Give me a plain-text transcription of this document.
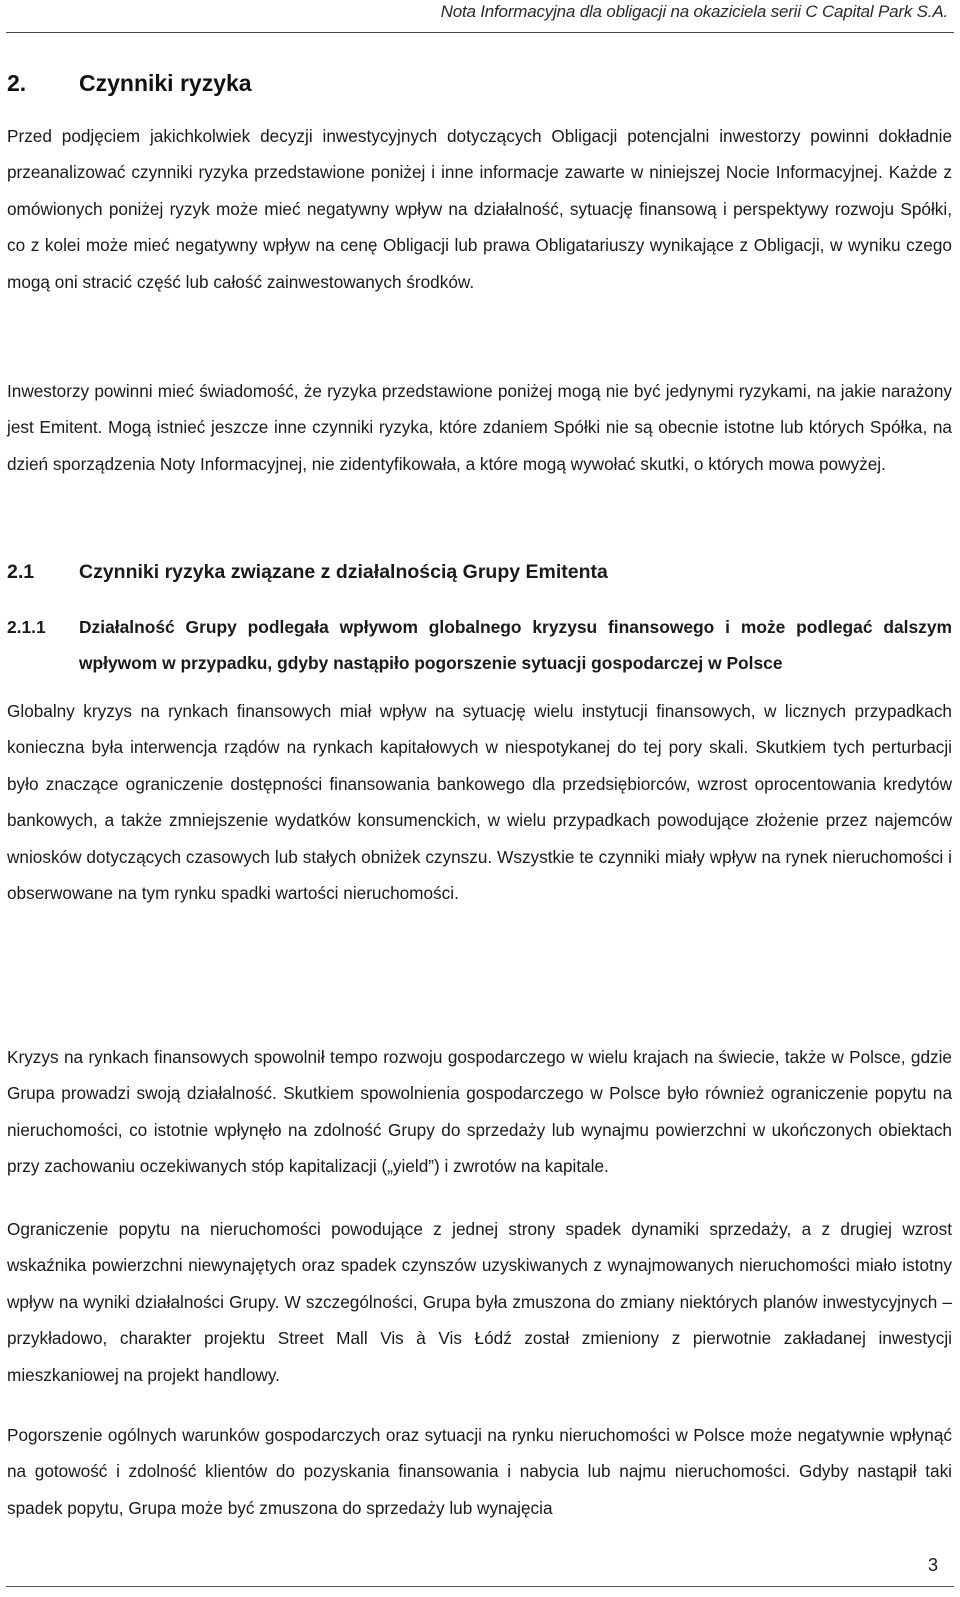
Nota Informacyjna dla obligacji na okaziciela serii C Capital Park S.A.
2.	Czynniki ryzyka

Przed podjęciem jakichkolwiek decyzji inwestycyjnych dotyczących Obligacji potencjalni inwestorzy powinni dokładnie przeanalizować czynniki ryzyka przedstawione poniżej i inne informacje zawarte w niniejszej Nocie Informacyjnej. Każde z omówionych poniżej ryzyk może mieć negatywny wpływ na działalność, sytuację finansową i perspektywy rozwoju Spółki, co z kolei może mieć negatywny wpływ na cenę Obligacji lub prawa Obligatariuszy wynikające z Obligacji, w wyniku czego mogą oni stracić część lub całość zainwestowanych środków.

Inwestorzy powinni mieć świadomość, że ryzyka przedstawione poniżej mogą nie być jedynymi ryzykami, na jakie narażony jest Emitent. Mogą istnieć jeszcze inne czynniki ryzyka, które zdaniem Spółki nie są obecnie istotne lub których Spółka, na dzień sporządzenia Noty Informacyjnej, nie zidentyfikowała, a które mogą wywołać skutki, o których mowa powyżej.

2.1	Czynniki ryzyka związane z działalnością Grupy Emitenta
2.1.1	Działalność Grupy podlegała wpływom globalnego kryzysu finansowego i może podlegać dalszym wpływom w przypadku, gdyby nastąpiło pogorszenie sytuacji gospodarczej w Polsce

Globalny kryzys na rynkach finansowych miał wpływ na sytuację wielu instytucji finansowych, w licznych przypadkach konieczna była interwencja rządów na rynkach kapitałowych w niespotykanej do tej pory skali. Skutkiem tych perturbacji było znaczące ograniczenie dostępności finansowania bankowego dla przedsiębiorców, wzrost oprocentowania kredytów bankowych, a także zmniejszenie wydatków konsumenckich, w wielu przypadkach powodujące złożenie przez najemców wniosków dotyczących czasowych lub stałych obniżek czynszu. Wszystkie te czynniki miały wpływ na rynek nieruchomości i obserwowane na tym rynku spadki wartości nieruchomości.

Kryzys na rynkach finansowych spowolnił tempo rozwoju gospodarczego w wielu krajach na świecie, także w Polsce, gdzie Grupa prowadzi swoją działalność. Skutkiem spowolnienia gospodarczego w Polsce było również ograniczenie popytu na nieruchomości, co istotnie wpłynęło na zdolność Grupy do sprzedaży lub wynajmu powierzchni w ukończonych obiektach przy zachowaniu oczekiwanych stóp kapitalizacji („yield”) i zwrotów na kapitale.

Ograniczenie popytu na nieruchomości powodujące z jednej strony spadek dynamiki sprzedaży, a z drugiej wzrost wskaźnika powierzchni niewynajętych oraz spadek czynszów uzyskiwanych z wynajmowanych nieruchomości miało istotny wpływ na wyniki działalności Grupy. W szczególności, Grupa była zmuszona do zmiany niektórych planów inwestycyjnych – przykładowo, charakter projektu Street Mall Vis à Vis Łódź został zmieniony z pierwotnie zakładanej inwestycji mieszkaniowej na projekt handlowy.

Pogorszenie ogólnych warunków gospodarczych oraz sytuacji na rynku nieruchomości w Polsce może negatywnie wpłynąć na gotowość i zdolność klientów do pozyskania finansowania i nabycia lub najmu nieruchomości. Gdyby nastąpił taki spadek popytu, Grupa może być zmuszona do sprzedaży lub wynajęcia

3
